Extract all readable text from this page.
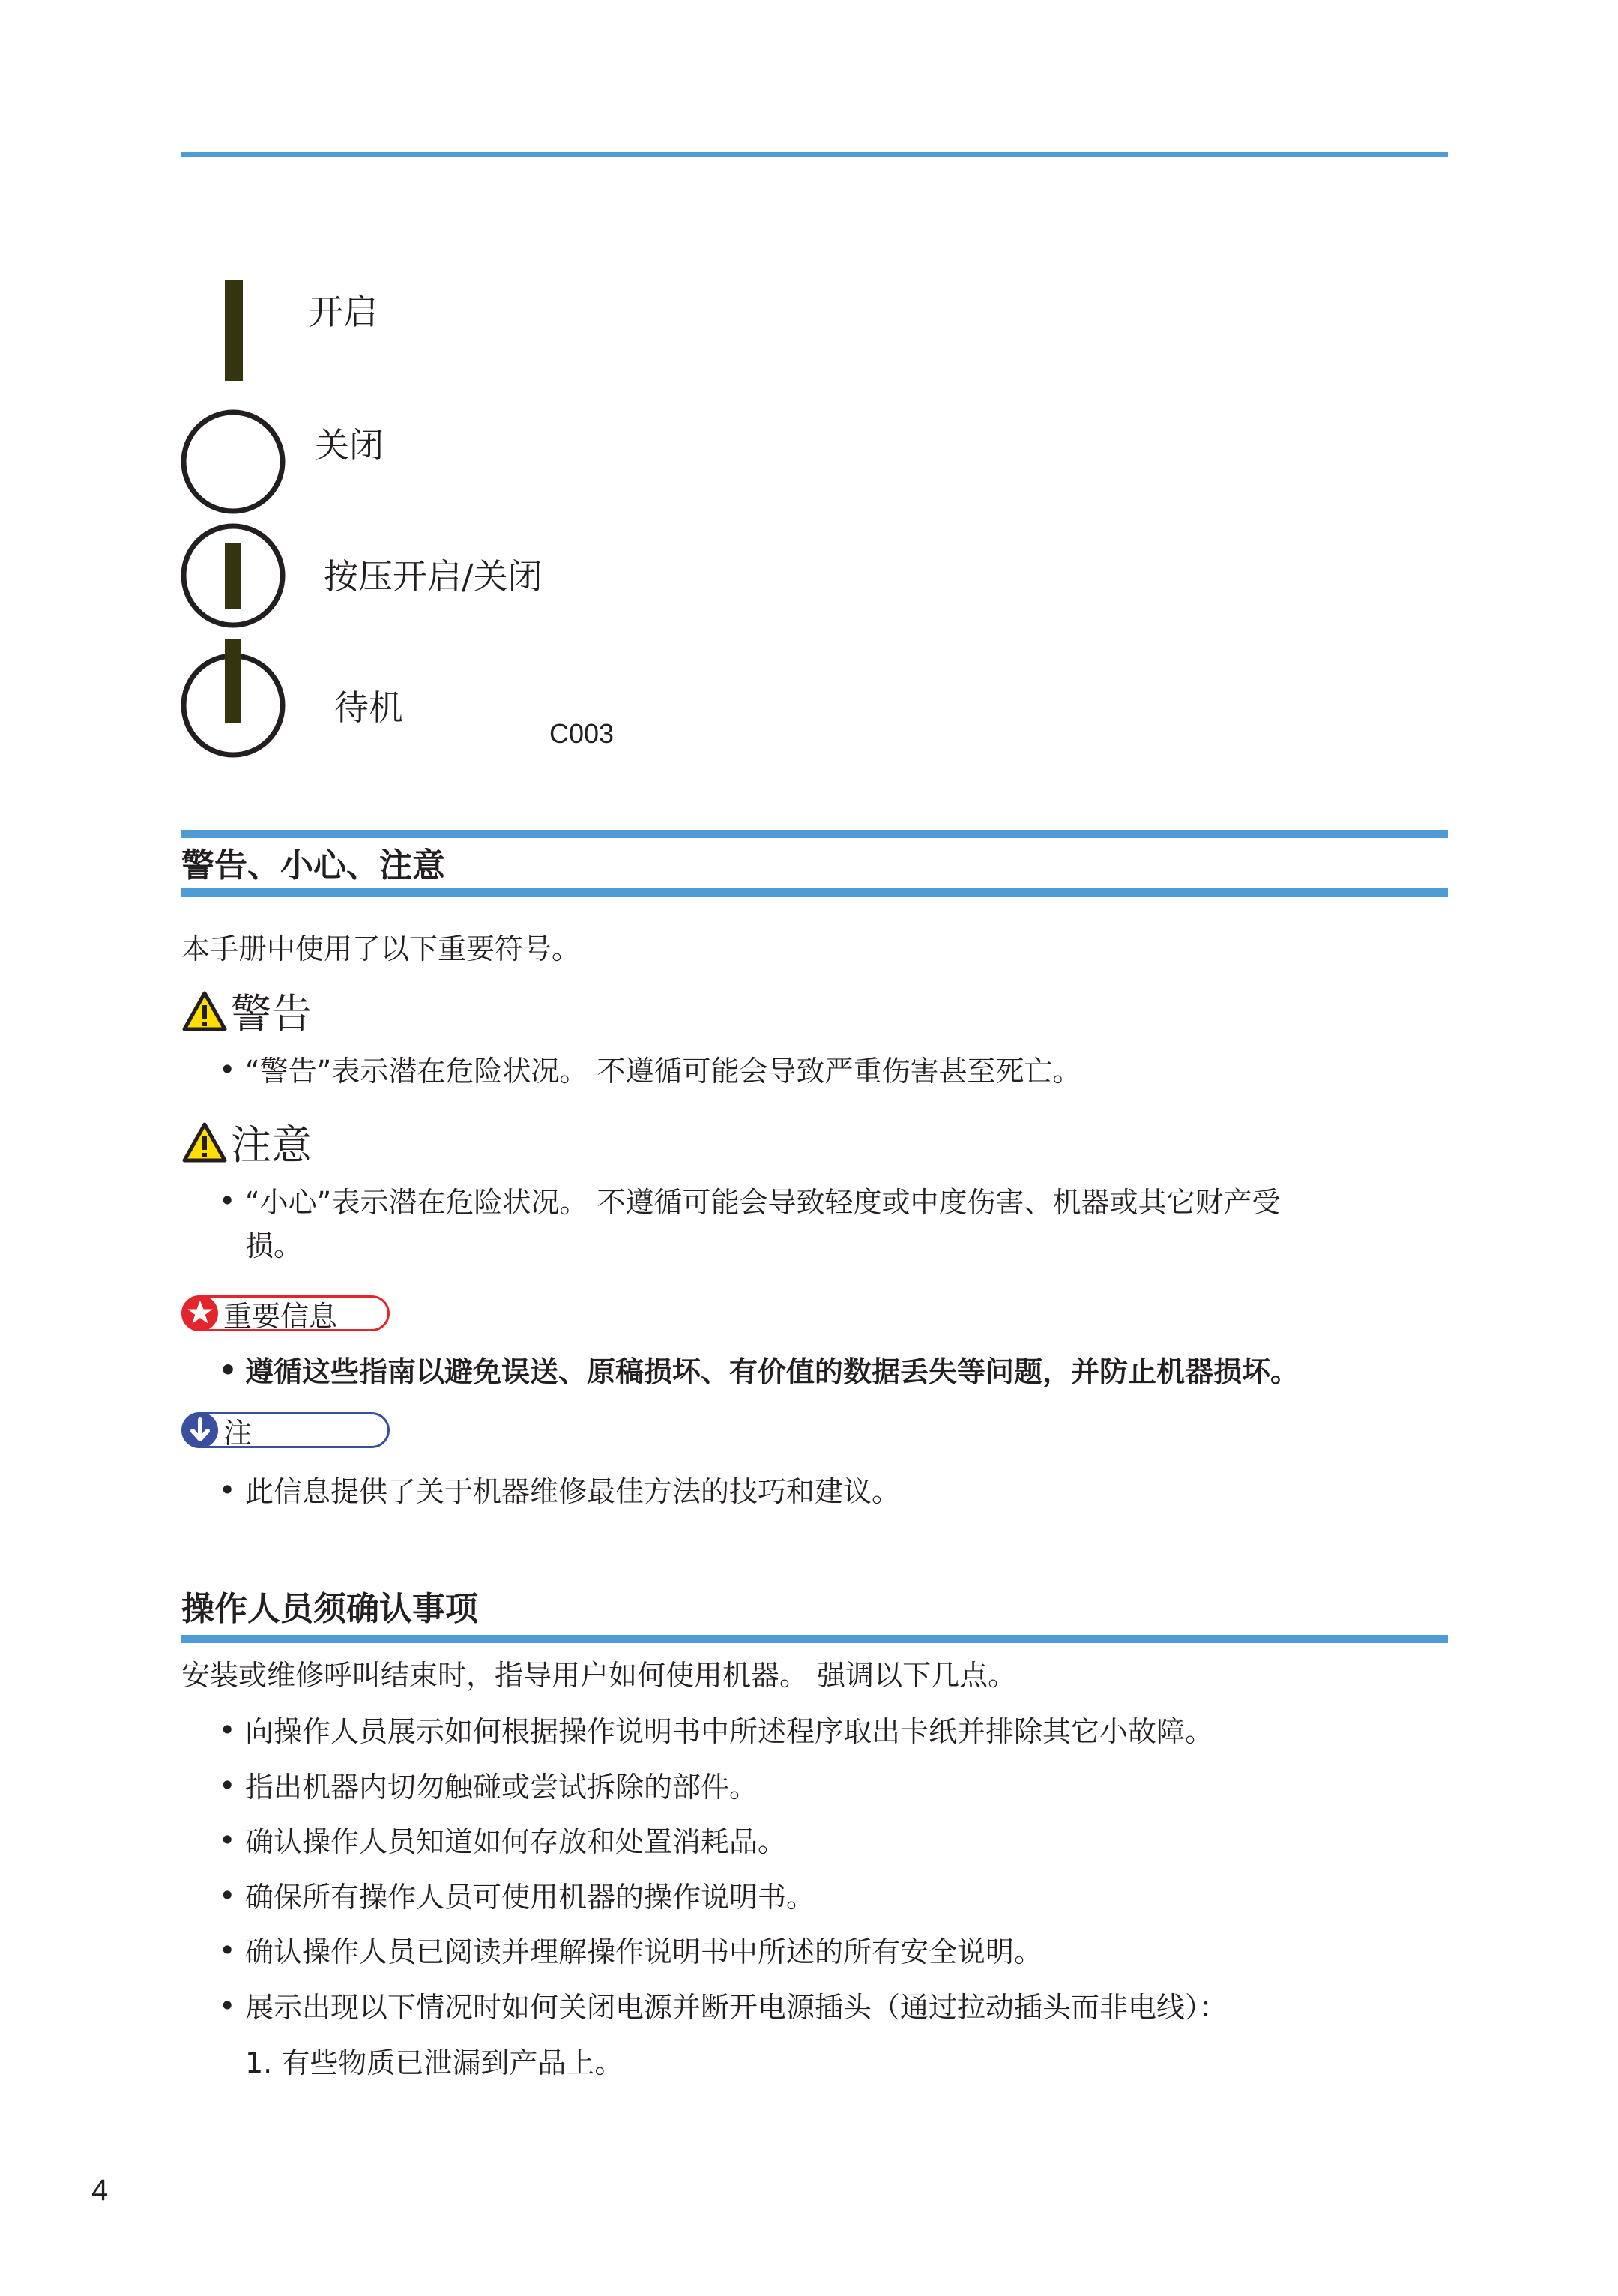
开启
关闭
按压开启/关闭
待机
C003
警告、小心、注意
本手册中使用了以下重要符号。
警告
• “警告”表示潜在危险状况。 不遵循可能会导致严重伤害甚至死亡。
注意
• “小心”表示潜在危险状况。 不遵循可能会导致轻度或中度伤害、机器或其它财产受
损。
重要信息
• 遵循这些指南以避免误送、原稿损坏、有价值的数据丢失等问题，并防止机器损坏。
注
• 此信息提供了关于机器维修最佳方法的技巧和建议。
操作人员须确认事项
安装或维修呼叫结束时，指导用户如何使用机器。 强调以下几点。
• 向操作人员展示如何根据操作说明书中所述程序取出卡纸并排除其它小故障。
• 指出机器内切勿触碰或尝试拆除的部件。
• 确认操作人员知道如何存放和处置消耗品。
• 确保所有操作人员可使用机器的操作说明书。
• 确认操作人员已阅读并理解操作说明书中所述的所有安全说明。
• 展示出现以下情况时如何关闭电源并断开电源插头（通过拉动插头而非电线）：
1. 有些物质已泄漏到产品上。
4
